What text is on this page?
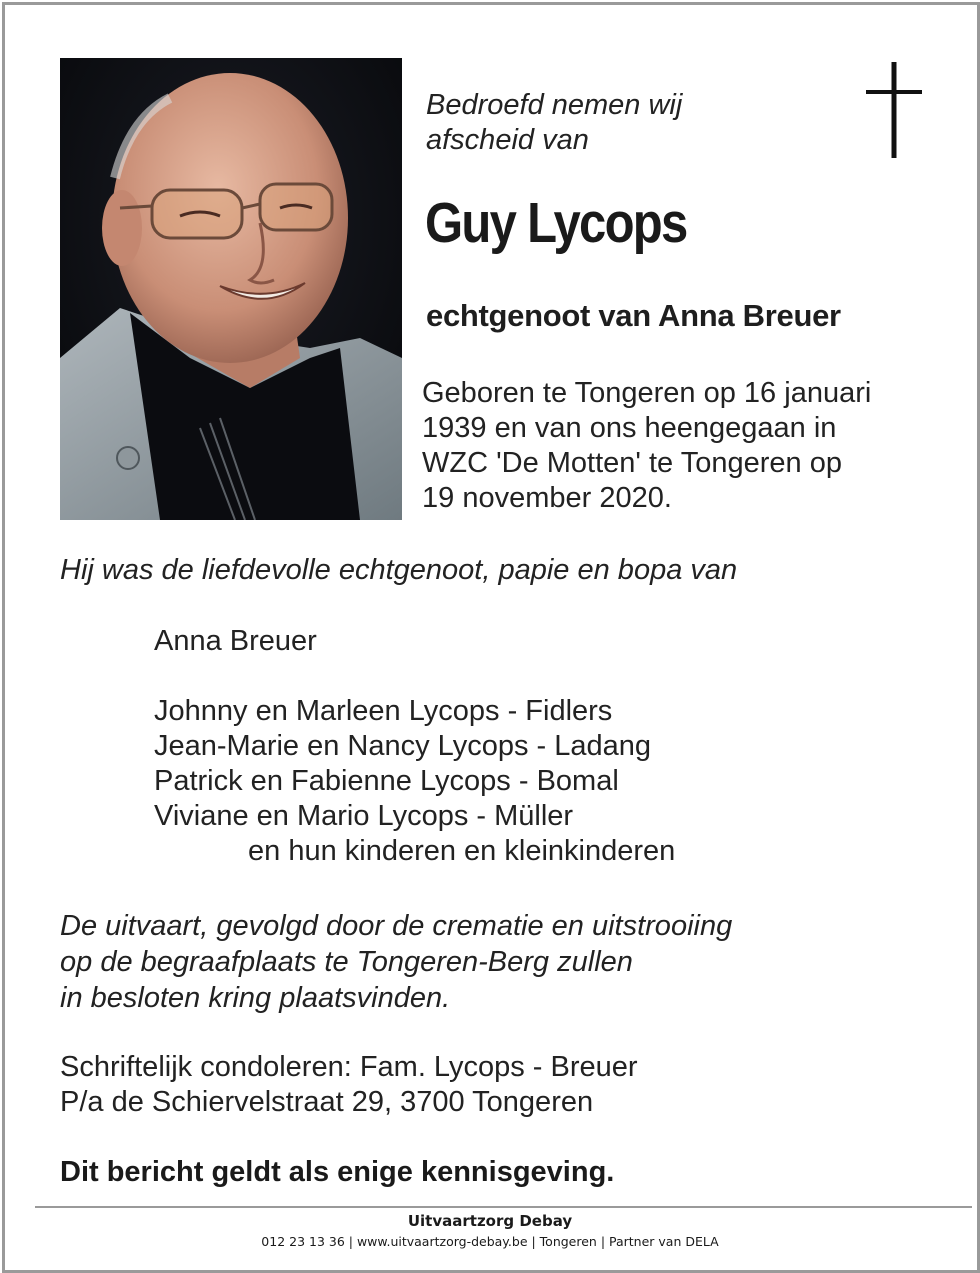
Bedroefd nemen wij
afscheid van
Guy Lycops
echtgenoot van Anna Breuer
Geboren te Tongeren op 16 januari
1939 en van ons heengegaan in
WZC 'De Motten' te Tongeren op
19 november 2020.
Hij was de liefdevolle echtgenoot, papie en bopa van
Anna Breuer
Johnny en Marleen Lycops - Fidlers
Jean-Marie en Nancy Lycops - Ladang
Patrick en Fabienne Lycops - Bomal
Viviane en Mario Lycops - Müller
en hun kinderen en kleinkinderen
De uitvaart, gevolgd door de crematie en uitstrooiing
op de begraafplaats te Tongeren-Berg zullen
in besloten kring plaatsvinden.
Schriftelijk condoleren: Fam. Lycops - Breuer
P/a de Schiervelstraat 29, 3700 Tongeren
Dit bericht geldt als enige kennisgeving.
Uitvaartzorg Debay
012 23 13 36 | www.uitvaartzorg-debay.be | Tongeren | Partner van DELA
